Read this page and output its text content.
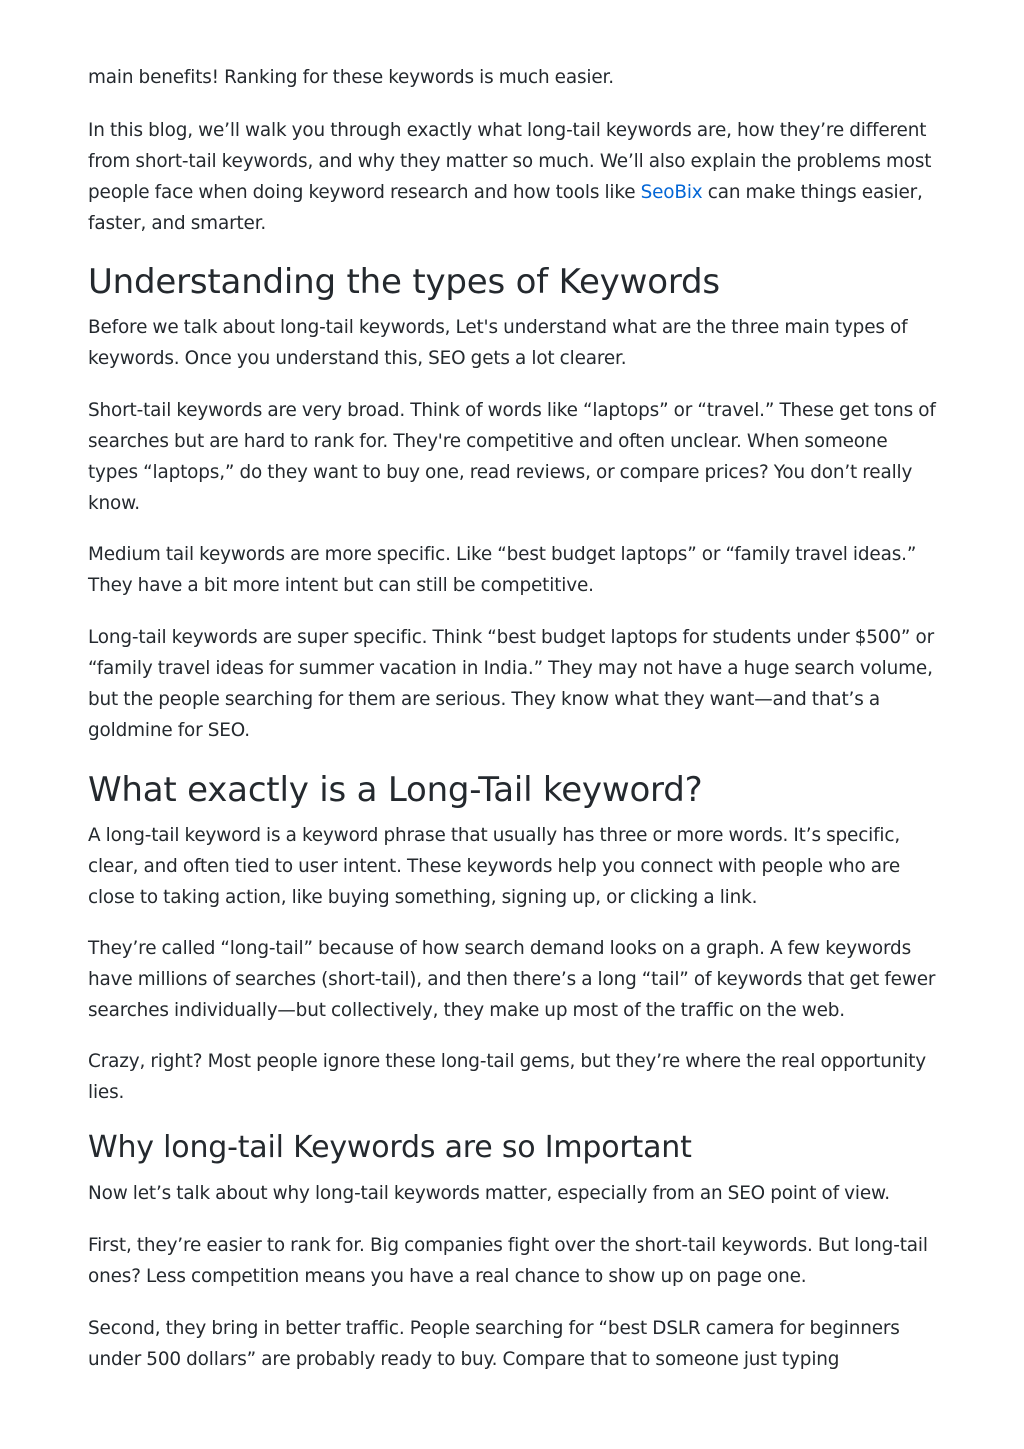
main benefits! Ranking for these keywords is much easier.

In this blog, we’ll walk you through exactly what long-tail keywords are, how they’re different from short-tail keywords, and why they matter so much. We’ll also explain the problems most people face when doing keyword research and how tools like SeoBix can make things easier, faster, and smarter.

Understanding the types of Keywords

Before we talk about long-tail keywords, Let's understand what are the three main types of keywords. Once you understand this, SEO gets a lot clearer.

Short-tail keywords are very broad. Think of words like “laptops” or “travel.” These get tons of searches but are hard to rank for. They're competitive and often unclear. When someone types “laptops,” do they want to buy one, read reviews, or compare prices? You don’t really know.

Medium tail keywords are more specific. Like “best budget laptops” or “family travel ideas.” They have a bit more intent but can still be competitive.

Long-tail keywords are super specific. Think “best budget laptops for students under $500” or “family travel ideas for summer vacation in India.” They may not have a huge search volume, but the people searching for them are serious. They know what they want—and that’s a goldmine for SEO.

What exactly is a Long-Tail keyword?

A long-tail keyword is a keyword phrase that usually has three or more words. It’s specific, clear, and often tied to user intent. These keywords help you connect with people who are close to taking action, like buying something, signing up, or clicking a link.

They’re called “long-tail” because of how search demand looks on a graph. A few keywords have millions of searches (short-tail), and then there’s a long “tail” of keywords that get fewer searches individually—but collectively, they make up most of the traffic on the web.

Crazy, right? Most people ignore these long-tail gems, but they’re where the real opportunity lies.

Why long-tail Keywords are so Important

Now let’s talk about why long-tail keywords matter, especially from an SEO point of view.

First, they’re easier to rank for. Big companies fight over the short-tail keywords. But long-tail ones? Less competition means you have a real chance to show up on page one.

Second, they bring in better traffic. People searching for “best DSLR camera for beginners under 500 dollars” are probably ready to buy. Compare that to someone just typing
